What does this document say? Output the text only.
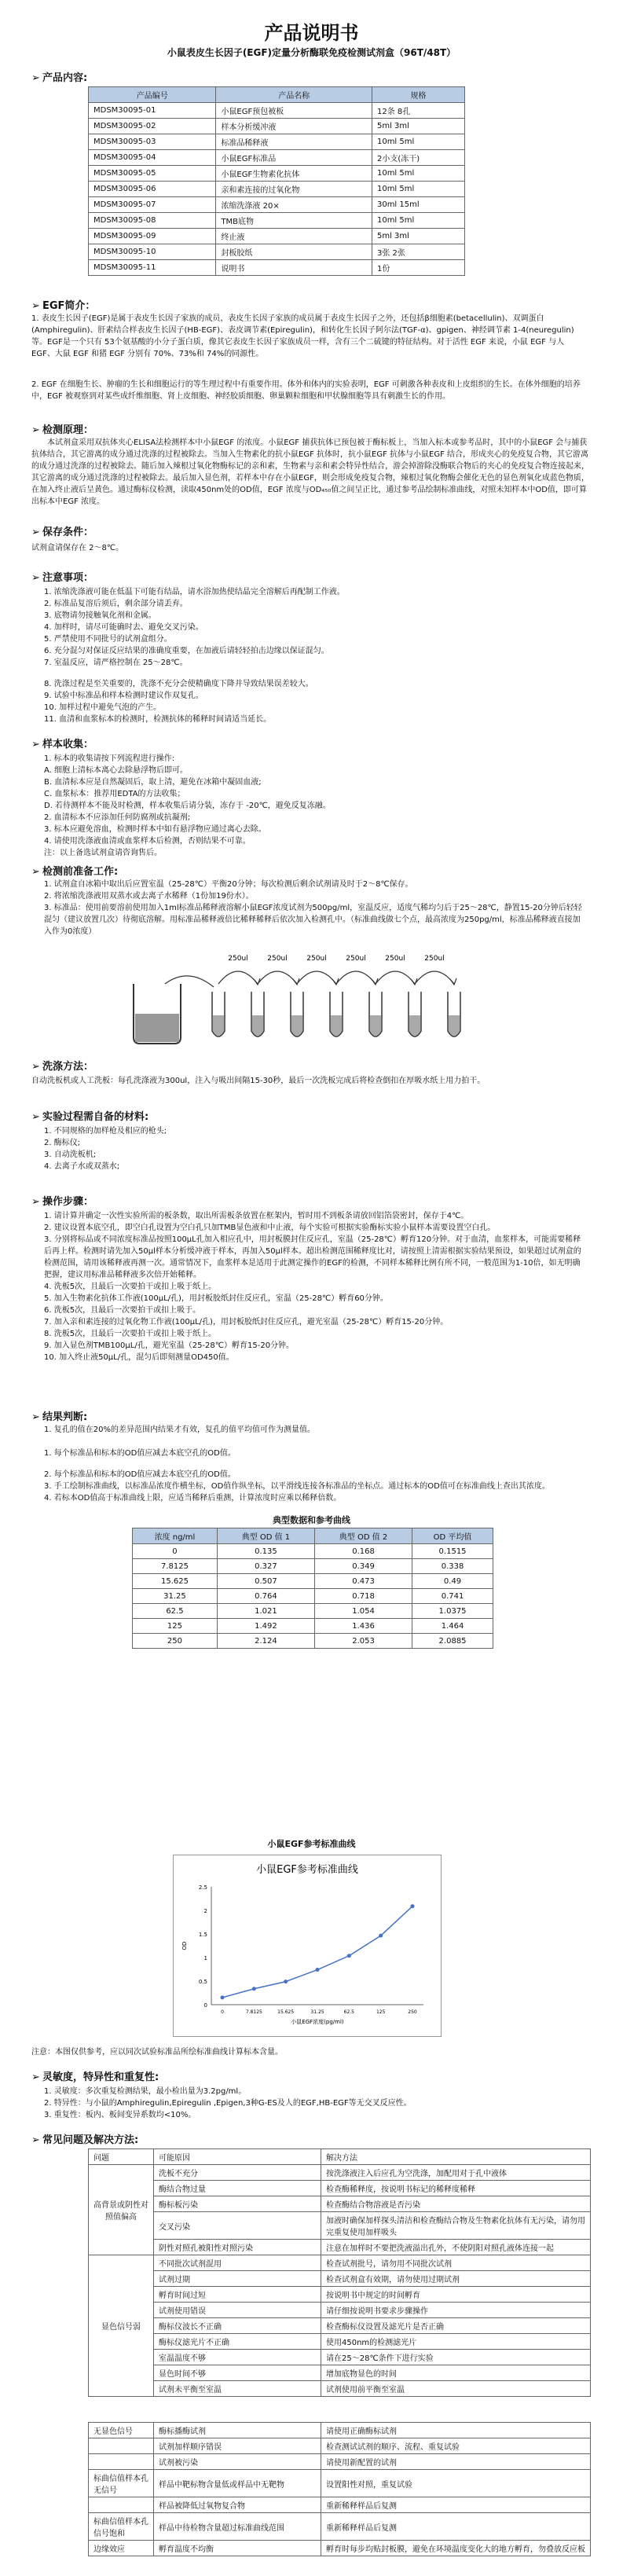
产品说明书
小鼠表皮生长因子(EGF)定量分析酶联免疫检测试剂盒（96T/48T）
➢ 产品内容:
产品编号	产品名称	规格
MDSM30095-01	小鼠EGF预包被板	12条 8孔
MDSM30095-02	样本分析缓冲液	5ml 3ml
MDSM30095-03	标准品稀释液	10ml 5ml
MDSM30095-04	小鼠EGF标准品	2小支(冻干)
MDSM30095-05	小鼠EGF生物素化抗体	10ml 5ml
MDSM30095-06	亲和素连接的过氧化物	10ml 5ml
MDSM30095-07	浓缩洗涤液 20×	30ml 15ml
MDSM30095-08	TMB底物	10ml 5ml
MDSM30095-09	终止液	5ml 3ml
MDSM30095-10	封板胶纸	3张 2张
MDSM30095-11	说明书	1份
➢ EGF简介：
1. 表皮生长因子(EGF)是属于表皮生长因子家族的成员，表皮生长因子家族的成员属于表皮生长因子之外，还包括β细胞素(betacellulin)、双调蛋白(Amphiregulin)、肝素结合样表皮生长因子(HB-EGF)、表皮调节素(Epiregulin)，和转化生长因子阿尔法(TGF-α)、gpigen、神经调节素 1-4(neuregulin)等。EGF是一个只有 53个氨基酸的小分子蛋白质，像其它表皮生长因子家族成员一样，含有三个二硫键的特征结构。对于活性 EGF 来说，小鼠 EGF 与人 EGF、大鼠 EGF 和猪 EGF 分别有 70%、73%和 74%的同源性。
2. EGF 在细胞生长、肿瘤的生长和细胞运行的等生理过程中有重要作用。体外和体内的实验表明，EGF 可刺激各种表皮和上皮组织的生长。在体外细胞的培养中，EGF 被观察到对某些成纤维细胞、肾上皮细胞、神经胶质细胞、卵巢颗粒细胞和甲状腺细胞等具有刺激生长的作用。
➢ 检测原理：
本试剂盒采用双抗体夹心ELISA法检测样本中小鼠EGF 的浓度。小鼠EGF 捕获抗体已预包被于酶标板上，当加入标本或参考品时，其中的小鼠EGF 会与捕获抗体结合，其它游离的成分通过洗涤的过程被除去。当加入生物素化的抗小鼠EGF 抗体时，抗小鼠EGF 抗体与小鼠EGF 结合，形成夹心的免疫复合物，其它游离的成分通过洗涤的过程被除去。随后加入辣根过氧化物酶标记的亲和素，生物素与亲和素会特异性结合，游会掉游除没酶联合物后的夹心的免疫复合物连接起来，其它游离的成分通过洗涤的过程被除去。最后加入显色剂，若样本中存在小鼠EGF，则会形成免疫复合物，辣根过氧化物酶会催化无色的显色剂氧化成蓝色物质，在加入终止液后呈黄色。通过酶标仪检测，读取450nm处的OD值，EGF 浓度与OD₄₅₀值之间呈正比，通过参考品绘制标准曲线，对照未知样本中OD值，即可算出标本中EGF 浓度。
➢ 保存条件：
试剂盒请保存在 2～8℃。
➢ 注意事项：
1. 浓缩洗涤液可能在低温下可能有结晶，请水浴加热使结晶完全溶解后再配制工作液。
2. 标准品复溶后须后，剩余部分请丢弃。
3. 底物请勿接触氧化剂和金属。
4. 加样时，请尽可能确时去、避免交叉污染。
5. 严禁使用不同批号的试剂盒组分。
6. 充分混匀对保证反应结果的准确度重要，在加液后请轻轻拍击边缘以保证混匀。
7. 室温反应，请严格控制在 25～28℃。
8. 洗涤过程是至关重要的，洗涤不充分会使精确度下降并导致结果误差较大。
9. 试验中标准品和样本检测时建议作双复孔。
10. 加样过程中避免气泡的产生。
11. 血清和血浆标本的检测时，检测抗体的稀释时间请适当延长。
➢ 样本收集：
1. 标本的收集请按下列流程进行操作:
A. 细胞上清标本离心去除悬浮物后即可。
B. 血清标本应是自然凝固后，取上清，避免在冰箱中凝固血液;
C. 血浆标本：推荐用EDTA的方法收集；
D. 若待测样本不能及时检测，样本收集后请分装，冻存于 -20℃，避免反复冻融。
2. 血清标本不应添加任何防腐剂或抗凝剂;
3. 标本应避免溶血，检测时样本中如有悬浮物应通过离心去除。
4. 请使用洗涤液血清或血浆样本后检测，否则结果不可靠。
注：以上备选试剂盒请咨询售后。
➢ 检测前准备工作:
1. 试剂盒自冰箱中取出后应置室温（25-28℃）平衡20分钟；每次检测后剩余试剂请及时于2～8℃保存。
2. 将浓缩洗涤液用双蒸水或去离子水稀释（1份加19份水）。
3. 标准品：使用前要溶前使用加入1ml标准品稀释液溶解小鼠EGF浓度试剂为500pg/ml，室温反应，适度气稀均匀后于25～28℃，静置15-20分钟后轻轻混匀（建议放置几次）待彻底溶解。用标准品稀释液倍比稀释稀释后依次加入检测孔中。（标准曲线做七个点，最高浓度为250pg/ml，标准品稀释液直接加入作为0浓度）
250ul	250ul	250ul	250ul	250ul	250ul
➢ 洗涤方法：
自动洗板机或人工洗板：每孔洗涤液为300ul，注入与吸出间隔15-30秒，最后一次洗板完成后将检查倒扣在厚吸水纸上用力拍干。
➢ 实验过程需自备的材料:
1. 不同规格的加样枪及相应的枪头;
2. 酶标仪;
3. 自动洗板机;
4. 去离子水或双蒸水;
➢ 操作步骤：
1. 请计算并确定一次性实验所需的板条数，取出所需板条放置在框架内，暂时用不到板条请放回铝箔袋密封，保存于4℃。
2. 建议设置本底空孔，即空白孔设置为空白孔只加TMB显色液和中止液，每个实验可根据实验酶标实验小鼠样本需要设置空白孔。
3. 分别将标品或不同浓度标准品按照100μL孔加入相应孔中，用封板膜封住反应孔，室温（25-28℃）孵育120分钟。对于血清，血浆样本，可能需要稀释后再上样。检测时请先加入50μl样本分析缓冲液于样本，再加入50μl样本。超出检测范围稀释度比对，请按照上清需根据实验结果预设，如果超过试剂盒的检测范围，请用该稀释液再测一次。通常情况下，血浆样本是适用于此测定操作的EGF的检测，不同样本稀释比例有所不同，一般范围为1-10倍，如无明确把握，建议用标准品稀释液多次倍开始稀释。
4. 洗板5次，且最后一次要拍干或扣上吸于纸上。
5. 加入生物素化抗体工作液(100μL/孔)，用封板胶纸封住反应孔，室温（25-28℃）孵育60分钟。
6. 洗板5次，且最后一次要拍干或扣上吸于。
7. 加入亲和素连接的过氧化物工作液(100μL/孔)，用封板胶纸封住反应孔，避光室温（25-28℃）孵育15-20分钟。
8. 洗板5次，且最后一次要拍干或扣上吸于纸上。
9. 加入显色剂TMB100μL/孔，避光室温（25-28℃）孵育15-20分钟。
10. 加入终止液50μL/孔，混匀后即刻测量OD450值。
➢ 结果判断:
1. 复孔的值在20%的差异范围内结果才有效，复孔的值平均值可作为测量值。
1. 每个标准品和标本的OD值应减去本底空孔的OD值。
2. 每个标准品和标本的OD值应减去本底空孔的OD值。
3. 手工绘制标准曲线，以标准品浓度作横坐标，OD值作纵坐标，以平滑线连接各标准品的坐标点。通过标本的OD值可在标准曲线上查出其浓度。
4. 若标本OD值高于标准曲线上限，应适当稀释后重测，计算浓度时应乘以稀释倍数。
典型数据和参考曲线
浓度 ng/ml	典型 OD 值 1	典型 OD 值 2	OD 平均值
0	0.135	0.168	0.1515
7.8125	0.327	0.349	0.338
15.625	0.507	0.473	0.49
31.25	0.764	0.718	0.741
62.5	1.021	1.054	1.0375
125	1.492	1.436	1.464
250	2.124	2.053	2.0885
小鼠EGF参考标准曲线
小鼠EGF参考标准曲线
0
0.5
1
1.5
2
2.5
0	7.8125	15.625	31.25	62.5	125	250
小鼠EGF浓度(pg/ml)
OD
注意：本图仅供参考，应以同次试验标准品所绘标准曲线计算标本含量。
➢ 灵敏度，特异性和重复性:
1. 灵敏度：多次重复检测结果，最小检出量为3.2pg/ml。
2. 特异性：与小鼠的Amphiregulin,Epiregulin ,Epigen,3种G-ES及人的EGF,HB-EGF等无交叉反应性。
3. 重复性：板内、板间变异系数均<10%。
➢ 常见问题及解决方法:
问题	可能原因	解决方法
高背景或阴性对照值偏高	洗板不充分	按洗涤液注入后应孔为空洗涤，加配用对于孔中液体
	酶结合物过量	检查酶稀释度，按说明书标记的稀释度稀释
	酶标板污染	检查酶结合物溶液是否污染
	交叉污染	加液时确保加样探头清洁和检查酶结合物及生物素化抗体有无污染，请勿用完重复使用加样吸头
	阴性对照孔被阳性对照污染	注意在加样时不要把洗液溢出孔外，不使阴阳对照孔液体连接一起
显色信号弱	不同批次试剂混用	检查试剂批号，请勿用不同批次试剂
	试剂过期	检查试剂盒有效期，请勿使用过期试剂
	孵育时间过短	按说明书中规定的时间孵育
	试剂使用错误	请仔细按说明书要求步骤操作
	酶标仪波长不正确	检查酶标仪设置及滤光片是否正确
	酶标仪滤光片不正确	使用450nm的检测滤光片
	室温温度不够	请在25～28℃条件下进行实验
	显色时间不够	增加底物显色的时间
	试剂未平衡至室温	试剂使用前平衡至室温
无显色信号	酶标播酶试剂	请使用正确酶标试剂
	试剂加样顺序错误	检查测试试剂的顺序、流程、重复试验
	试剂被污染	请使用新配置的试剂
标曲信值样本孔无信号	样品中靶标物含量低或样品中无靶物	设置阳性对照，重复试验
	样品被降低过氧物复合物	重新稀释样品后复测
标曲信值样本孔信号饱和	样品中待检物含量超过标准曲线范围	重新稀释样品后复测
边缘效应	孵育温度不均衡	孵育时每步均贴封板膜，避免在环境温度变化大的地方孵育，勿叠放反应板
